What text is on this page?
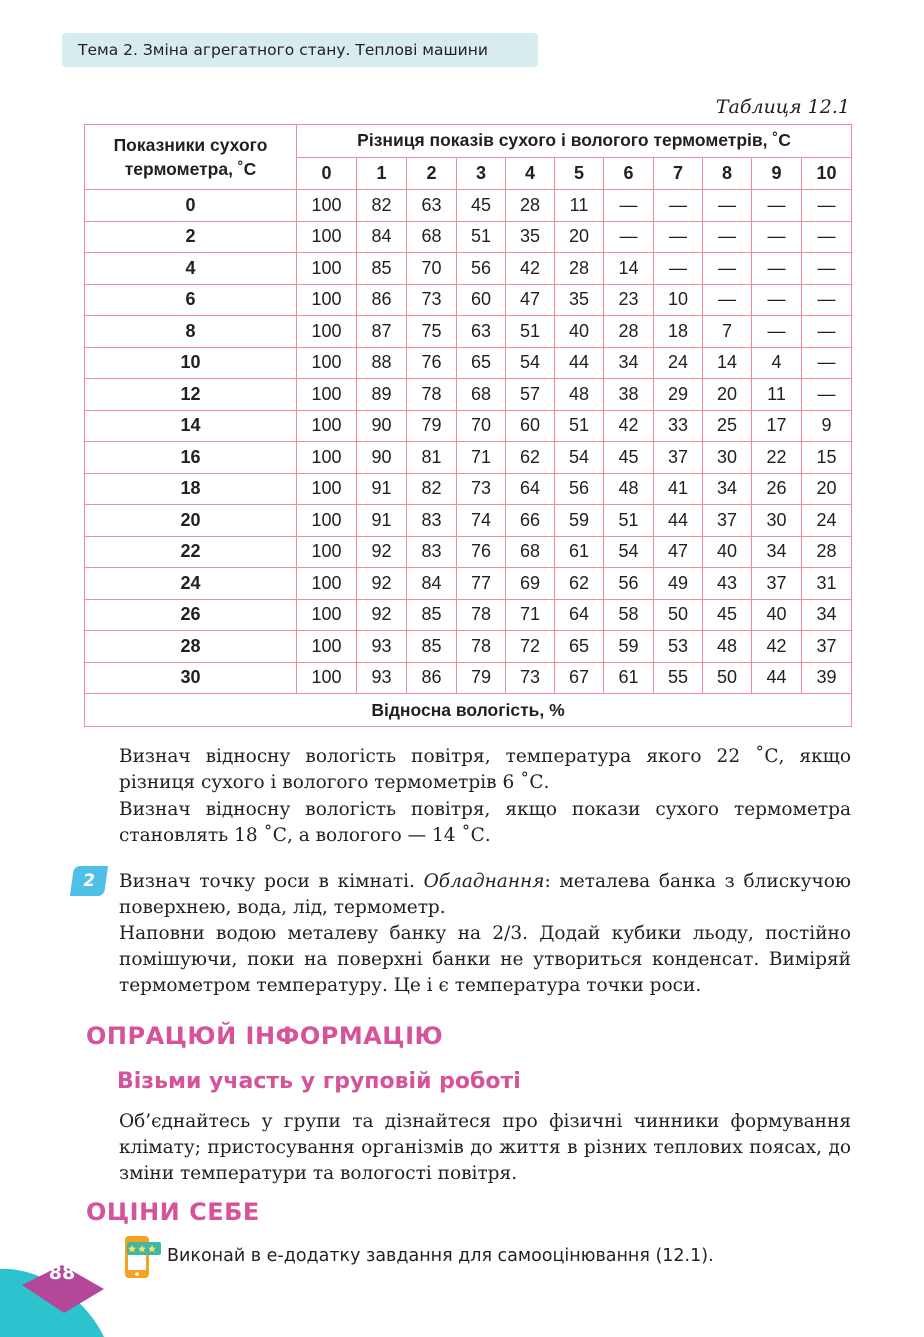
Тема 2. Зміна агрегатного стану. Теплові машини
Таблиця 12.1
Показники сухого термометра, ˚С	Різниця показів сухого і вологого термометрів, ˚С										
	0	1	2	3	4	5	6	7	8	9	10
0	100	82	63	45	28	11	—	—	—	—	—
2	100	84	68	51	35	20	—	—	—	—	—
4	100	85	70	56	42	28	14	—	—	—	—
6	100	86	73	60	47	35	23	10	—	—	—
8	100	87	75	63	51	40	28	18	7	—	—
10	100	88	76	65	54	44	34	24	14	4	—
12	100	89	78	68	57	48	38	29	20	11	—
14	100	90	79	70	60	51	42	33	25	17	9
16	100	90	81	71	62	54	45	37	30	22	15
18	100	91	82	73	64	56	48	41	34	26	20
20	100	91	83	74	66	59	51	44	37	30	24
22	100	92	83	76	68	61	54	47	40	34	28
24	100	92	84	77	69	62	56	49	43	37	31
26	100	92	85	78	71	64	58	50	45	40	34
28	100	93	85	78	72	65	59	53	48	42	37
30	100	93	86	79	73	67	61	55	50	44	39
Відносна вологість, %											
Визнач відносну вологість повітря, температура якого 22 ˚С, якщо різниця сухого і вологого термометрів 6 ˚С.
Визнач відносну вологість повітря, якщо покази сухого термометра становлять 18 ˚С, а вологого — 14 ˚С.
2	Визнач точку роси в кімнаті. Обладнання: металева банка з блискучою поверхнею, вода, лід, термометр.
Наповни водою металеву банку на 2/3. Додай кубики льоду, постійно помішуючи, поки на поверхні банки не утвориться конденсат. Виміряй термометром температуру. Це і є температура точки роси.
ОПРАЦЮЙ ІНФОРМАЦІЮ
Візьми участь у груповій роботі
Об’єднайтесь у групи та дізнайтеся про фізичні чинники формування клімату; пристосування організмів до життя в різних теплових поясах, до зміни температури та вологості повітря.
ОЦІНИ СЕБЕ
Виконай в е-додатку завдання для самооцінювання (12.1).
88
